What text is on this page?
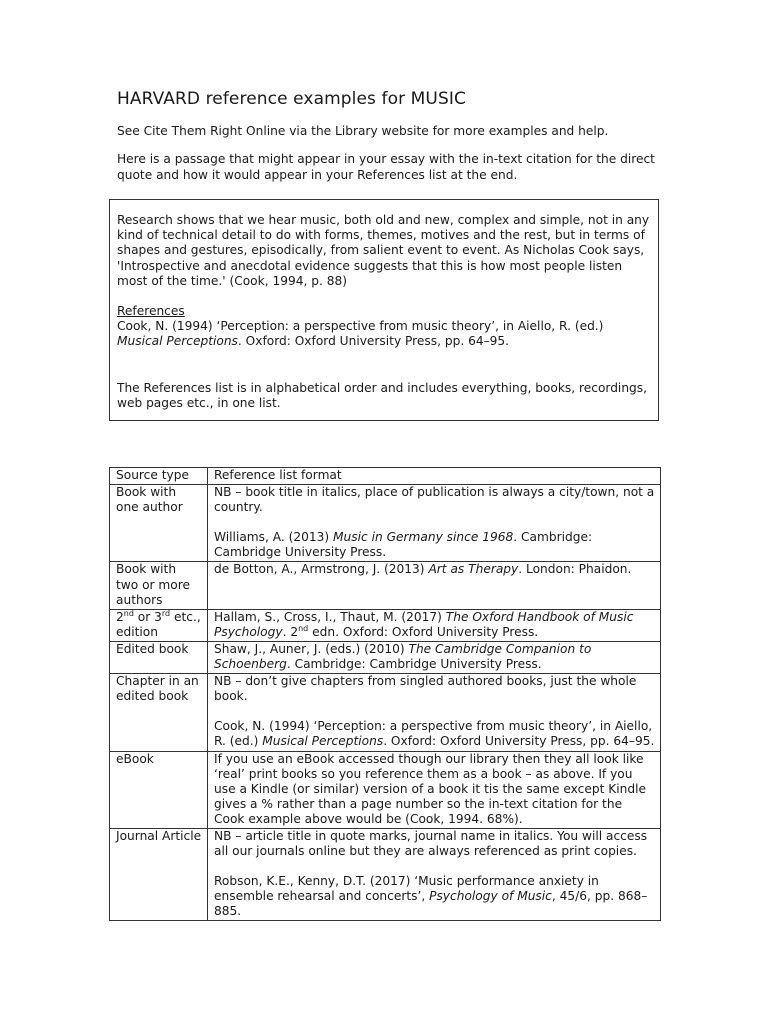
HARVARD reference examples for MUSIC

See Cite Them Right Online via the Library website for more examples and help.

Here is a passage that might appear in your essay with the in-text citation for the direct quote and how it would appear in your References list at the end.

Research shows that we hear music, both old and new, complex and simple, not in any kind of technical detail to do with forms, themes, motives and the rest, but in terms of shapes and gestures, episodically, from salient event to event. As Nicholas Cook says, 'Introspective and anecdotal evidence suggests that this is how most people listen most of the time.' (Cook, 1994, p. 88)

References

Cook, N. (1994) ‘Perception: a perspective from music theory’, in Aiello, R. (ed.) Musical Perceptions. Oxford: Oxford University Press, pp. 64–95.

The References list is in alphabetical order and includes everything, books, recordings, web pages etc., in one list.

Source type	Reference list format
Book with one author	NB – book title in italics, place of publication is always a city/town, not a country.
Williams, A. (2013) Music in Germany since 1968. Cambridge: Cambridge University Press.
Book with two or more authors	de Botton, A., Armstrong, J. (2013) Art as Therapy. London: Phaidon.
2nd or 3rd etc., edition	Hallam, S., Cross, I., Thaut, M. (2017) The Oxford Handbook of Music Psychology. 2nd edn. Oxford: Oxford University Press.
Edited book	Shaw, J., Auner, J. (eds.) (2010) The Cambridge Companion to Schoenberg. Cambridge: Cambridge University Press.
Chapter in an edited book	NB – don’t give chapters from singled authored books, just the whole book.
Cook, N. (1994) ‘Perception: a perspective from music theory’, in Aiello, R. (ed.) Musical Perceptions. Oxford: Oxford University Press, pp. 64–95.
eBook	If you use an eBook accessed though our library then they all look like ‘real’ print books so you reference them as a book – as above. If you use a Kindle (or similar) version of a book it tis the same except Kindle gives a % rather than a page number so the in-text citation for the Cook example above would be (Cook, 1994. 68%).
Journal Article	NB – article title in quote marks, journal name in italics. You will access all our journals online but they are always referenced as print copies.
Robson, K.E., Kenny, D.T. (2017) ‘Music performance anxiety in ensemble rehearsal and concerts’, Psychology of Music, 45/6, pp. 868–885.
